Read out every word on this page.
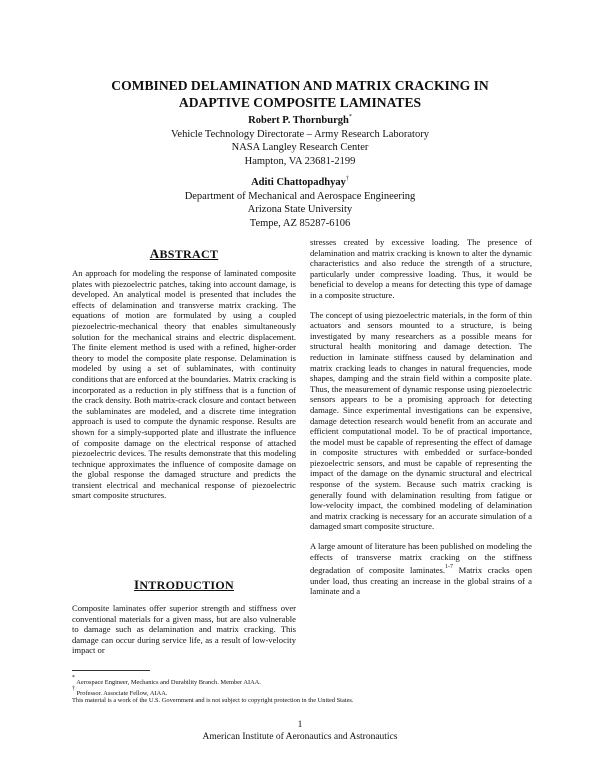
COMBINED DELAMINATION AND MATRIX CRACKING IN
ADAPTIVE COMPOSITE LAMINATES
Robert P. Thornburgh*
Vehicle Technology Directorate – Army Research Laboratory
NASA Langley Research Center
Hampton, VA 23681-2199
Aditi Chattopadhyay†
Department of Mechanical and Aerospace Engineering
Arizona State University
Tempe, AZ 85287-6106
ABSTRACT

An approach for modeling the response of laminated composite plates with piezoelectric patches, taking into account damage, is developed. An analytical model is presented that includes the effects of delamination and transverse matrix cracking. The equations of motion are formulated by using a coupled piezoelectric-mechanical theory that enables simultaneously solution for the mechanical strains and electric displacement. The finite element method is used with a refined, higher-order theory to model the composite plate response. Delamination is modeled by using a set of sublaminates, with continuity conditions that are enforced at the boundaries. Matrix cracking is incorporated as a reduction in ply stiffness that is a function of the crack density. Both matrix-crack closure and contact between the sublaminates are modeled, and a discrete time integration approach is used to compute the dynamic response. Results are shown for a simply-supported plate and illustrate the influence of composite damage on the electrical response of attached piezoelectric devices. The results demonstrate that this modeling technique approximates the influence of composite damage on the global response the damaged structure and predicts the transient electrical and mechanical response of piezoelectric smart composite structures.

INTRODUCTION

Composite laminates offer superior strength and stiffness over conventional materials for a given mass, but are also vulnerable to damage such as delamination and matrix cracking. This damage can occur during service life, as a result of low-velocity impact or

stresses created by excessive loading. The presence of delamination and matrix cracking is known to alter the dynamic characteristics and also reduce the strength of a structure, particularly under compressive loading. Thus, it would be beneficial to develop a means for detecting this type of damage in a composite structure.

The concept of using piezoelectric materials, in the form of thin actuators and sensors mounted to a structure, is being investigated by many researchers as a possible means for structural health monitoring and damage detection. The reduction in laminate stiffness caused by delamination and matrix cracking leads to changes in natural frequencies, mode shapes, damping and the strain field within a composite plate. Thus, the measurement of dynamic response using piezoelectric sensors appears to be a promising approach for detecting damage. Since experimental investigations can be expensive, damage detection research would benefit from an accurate and efficient computational model. To be of practical importance, the model must be capable of representing the effect of damage in composite structures with embedded or surface-bonded piezoelectric sensors, and must be capable of representing the impact of the damage on the dynamic structural and electrical response of the system. Because such matrix cracking is generally found with delamination resulting from fatigue or low-velocity impact, the combined modeling of delamination and matrix cracking is necessary for an accurate simulation of a damaged smart composite structure.

A large amount of literature has been published on modeling the effects of transverse matrix cracking on the stiffness degradation of composite laminates.$^{1-7}$ Matrix cracks open under load, thus creating an increase in the global strains of a laminate and a

* Aerospace Engineer, Mechanics and Durability Branch. Member AIAA.
† Professor. Associate Fellow, AIAA.
This material is a work of the U.S. Government and is not subject to copyright protection in the United States.
1
American Institute of Aeronautics and Astronautics
